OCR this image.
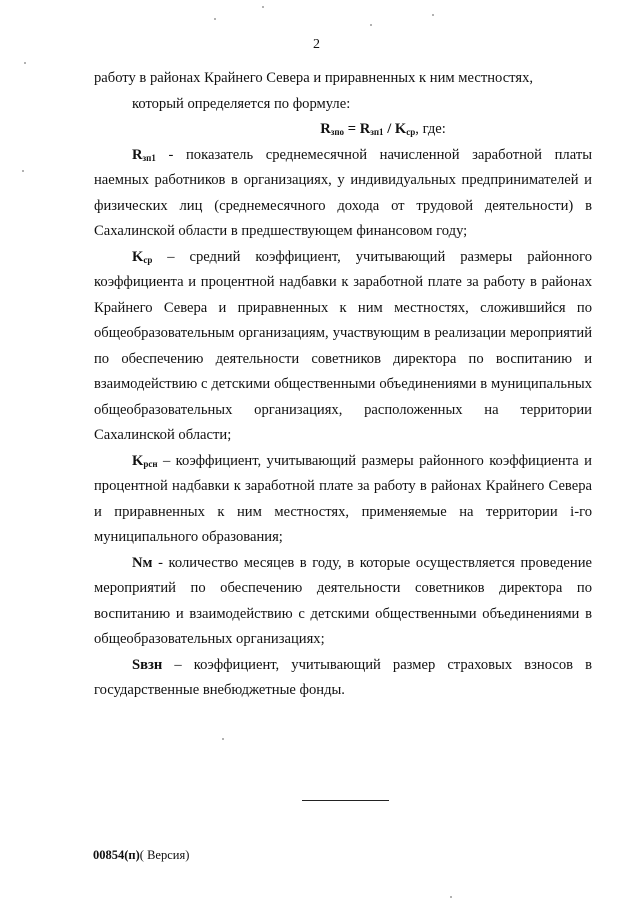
2

работу в районах Крайнего Севера и приравненных к ним местностях,

который определяется по формуле:

$R_{зпо} = R_{зп1} / K_{ср}$, где:

$R_{зп1}$ - показатель среднемесячной начисленной заработной платы наемных работников в организациях, у индивидуальных предпринимателей и физических лиц (среднемесячного дохода от трудовой деятельности) в Сахалинской области в предшествующем финансовом году;

$K_{ср}$ – средний коэффициент, учитывающий размеры районного коэффициента и процентной надбавки к заработной плате за работу в районах Крайнего Севера и приравненных к ним местностях, сложившийся по общеобразовательным организациям, участвующим в реализации мероприятий по обеспечению деятельности советников директора по воспитанию и взаимодействию с детскими общественными объединениями в муниципальных общеобразовательных организациях, расположенных на территории Сахалинской области;

$K_{рсн}$ – коэффициент, учитывающий размеры районного коэффициента и процентной надбавки к заработной плате за работу в районах Крайнего Севера и приравненных к ним местностях, применяемые на территории i-го муниципального образования;

Nм - количество месяцев в году, в которые осуществляется проведение мероприятий по обеспечению деятельности советников директора по воспитанию и взаимодействию с детскими общественными объединениями в общеобразовательных организациях;

Sвзн – коэффициент, учитывающий размер страховых взносов в государственные внебюджетные фонды.

00854(п)( Версия)
